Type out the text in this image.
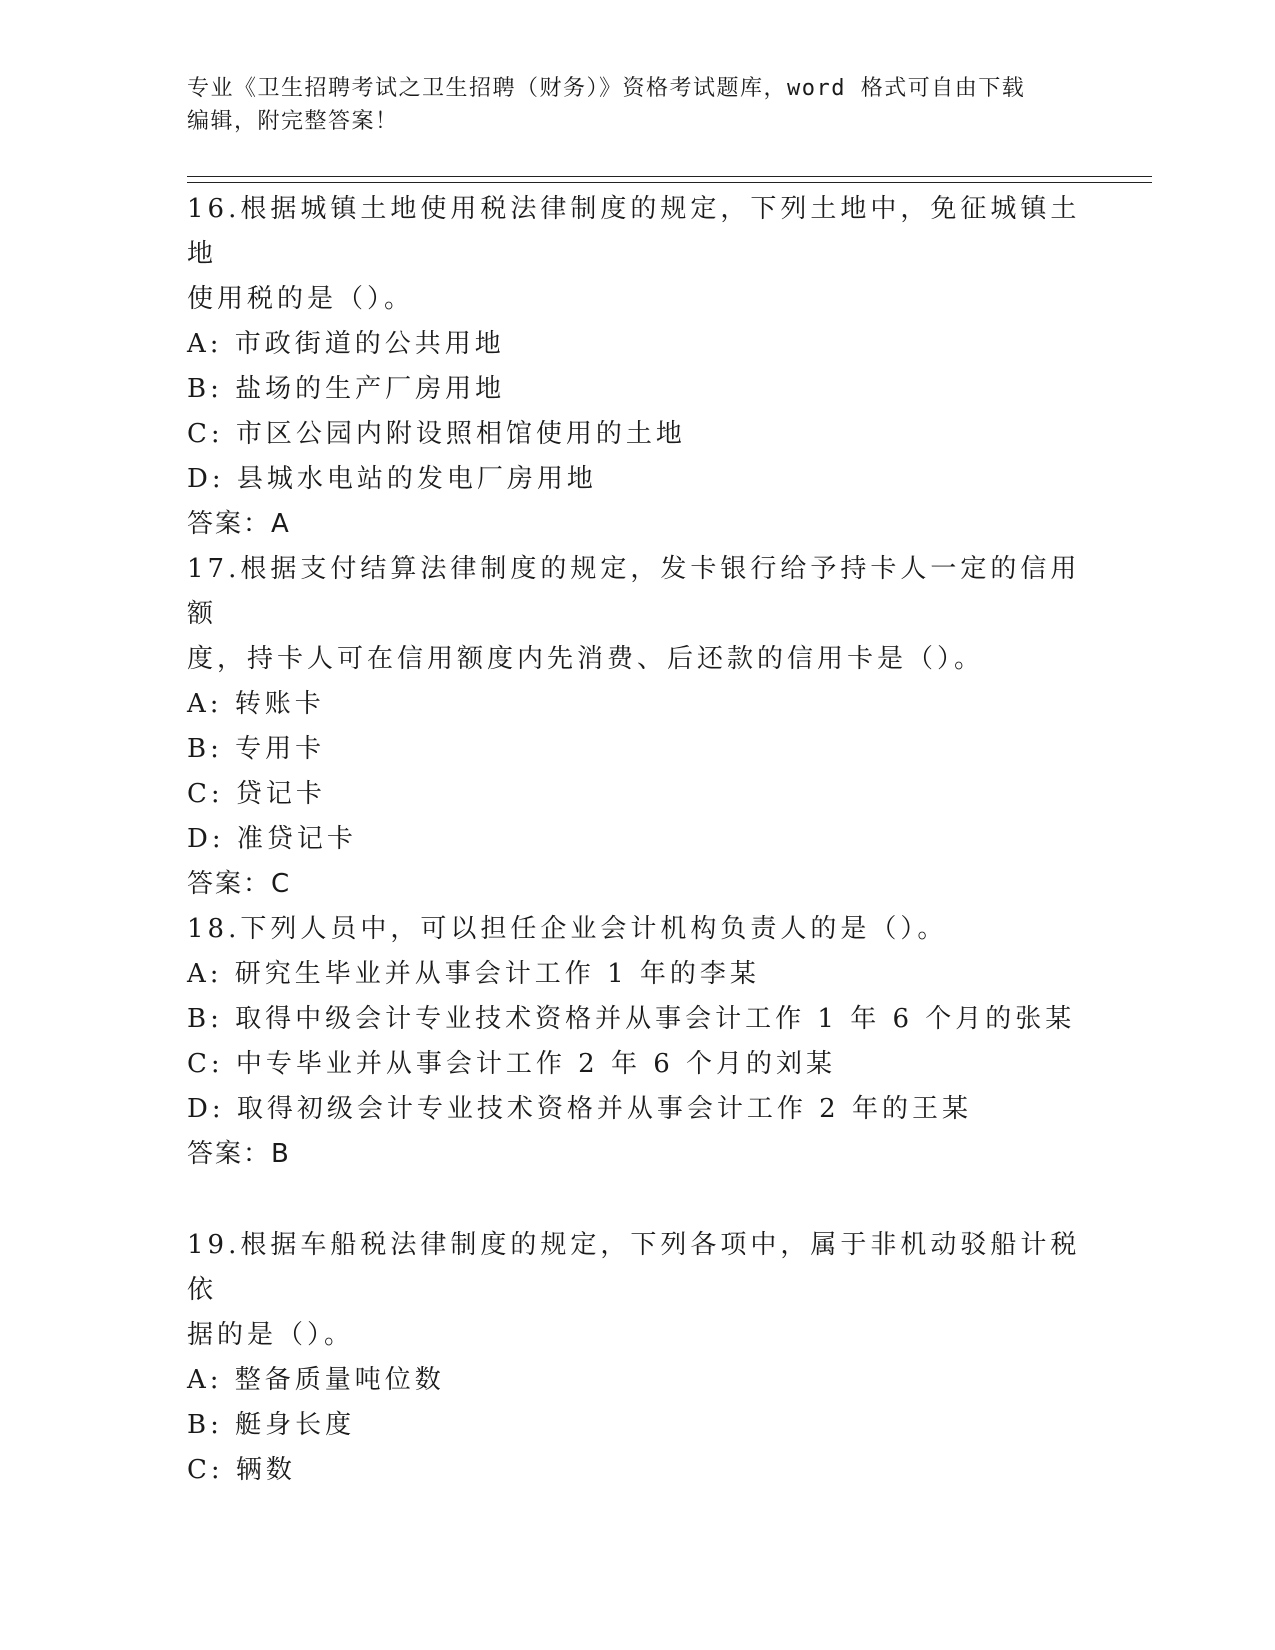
专业《卫生招聘考试之卫生招聘（财务）》资格考试题库，word 格式可自由下载
编辑，附完整答案！

16.根据城镇土地使用税法律制度的规定，下列土地中，免征城镇土地

使用税的是（）。

A: 市政街道的公共用地

B: 盐场的生产厂房用地

C: 市区公园内附设照相馆使用的土地

D: 县城水电站的发电厂房用地

答案：A

17.根据支付结算法律制度的规定，发卡银行给予持卡人一定的信用额

度，持卡人可在信用额度内先消费、后还款的信用卡是（）。

A: 转账卡

B: 专用卡

C: 贷记卡

D: 准贷记卡

答案：C

18.下列人员中，可以担任企业会计机构负责人的是（）。

A: 研究生毕业并从事会计工作 1 年的李某

B: 取得中级会计专业技术资格并从事会计工作 1 年 6 个月的张某

C: 中专毕业并从事会计工作 2 年 6 个月的刘某

D: 取得初级会计专业技术资格并从事会计工作 2 年的王某

答案：B

19.根据车船税法律制度的规定，下列各项中，属于非机动驳船计税依

据的是（）。

A: 整备质量吨位数

B: 艇身长度

C: 辆数
